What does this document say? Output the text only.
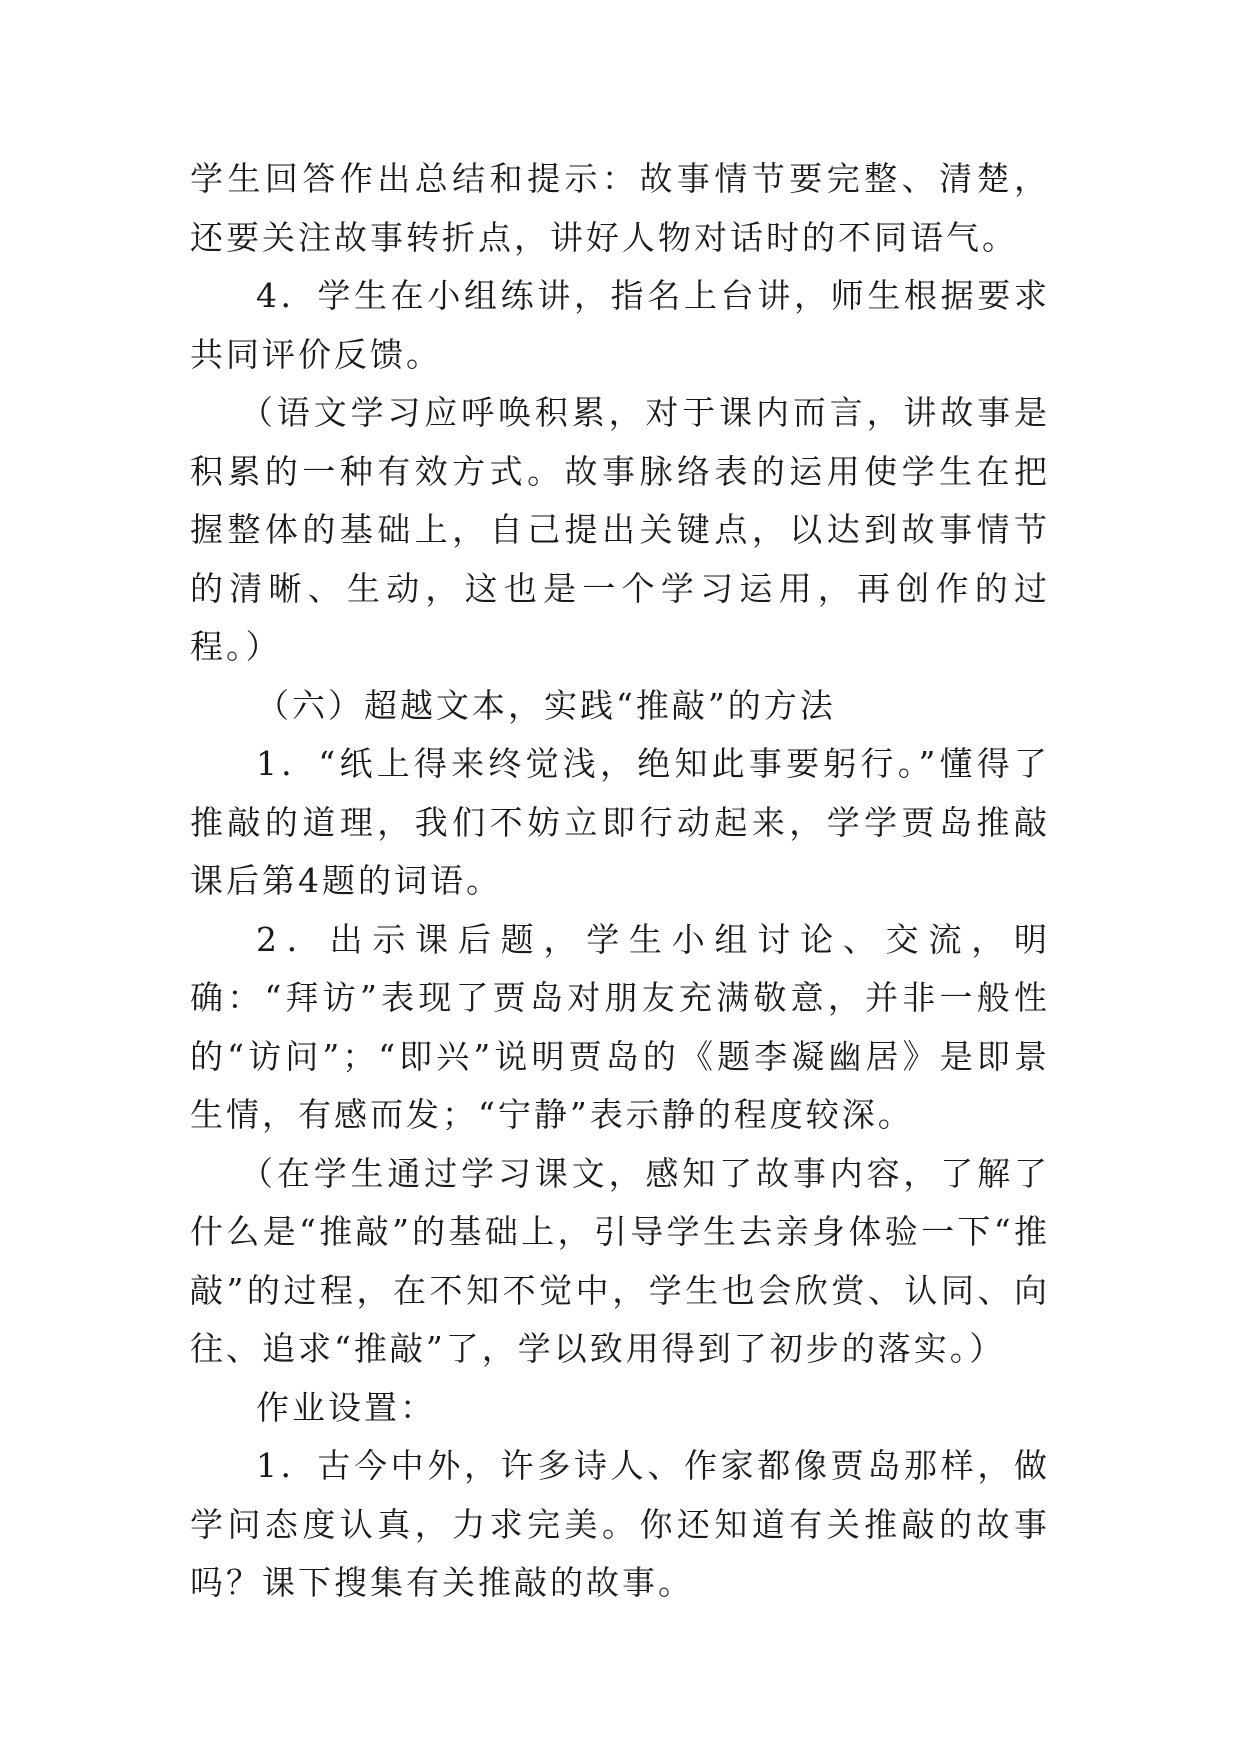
学生回答作出总结和提示：故事情节要完整、清楚，还要关注故事转折点，讲好人物对话时的不同语气。

4．学生在小组练讲，指名上台讲，师生根据要求共同评价反馈。

（语文学习应呼唤积累，对于课内而言，讲故事是积累的一种有效方式。故事脉络表的运用使学生在把握整体的基础上，自己提出关键点，以达到故事情节的清晰、生动，这也是一个学习运用，再创作的过程。）

（六）超越文本，实践“推敲”的方法

1．“纸上得来终觉浅，绝知此事要躬行。”懂得了推敲的道理，我们不妨立即行动起来，学学贾岛推敲课后第4题的词语。

2．出示课后题，学生小组讨论、交流，明确：“拜访”表现了贾岛对朋友充满敬意，并非一般性的“访问”；“即兴”说明贾岛的《题李凝幽居》是即景生情，有感而发；“宁静”表示静的程度较深。

（在学生通过学习课文，感知了故事内容，了解了什么是“推敲”的基础上，引导学生去亲身体验一下“推敲”的过程，在不知不觉中，学生也会欣赏、认同、向往、追求“推敲”了，学以致用得到了初步的落实。）

作业设置：

1．古今中外，许多诗人、作家都像贾岛那样，做学问态度认真，力求完美。你还知道有关推敲的故事吗？课下搜集有关推敲的故事。
